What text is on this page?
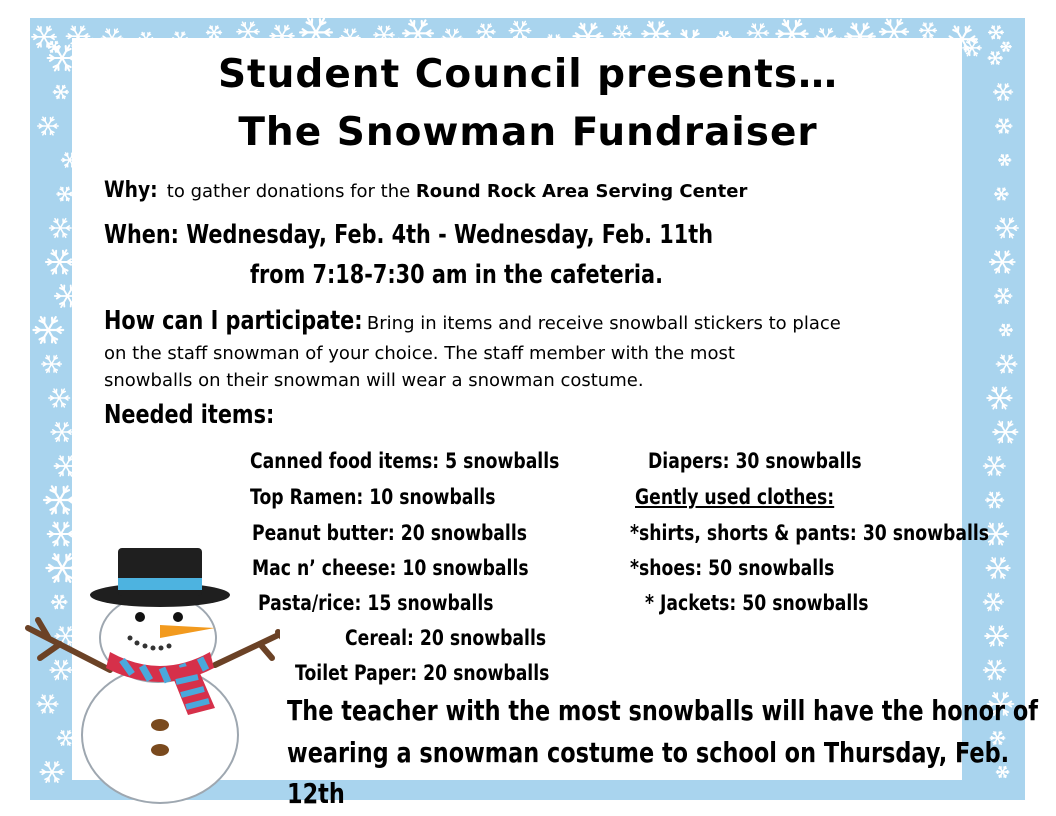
Student Council presents…
The Snowman Fundraiser
Why: to gather donations for the Round Rock Area Serving Center
When: Wednesday, Feb. 4th - Wednesday, Feb. 11th
from 7:18-7:30 am in the cafeteria.
How can I participate: Bring in items and receive snowball stickers to place
on the staff snowman of your choice. The staff member with the most
snowballs on their snowman will wear a snowman costume.
Needed items:
Canned food items: 5 snowballs
Top Ramen: 10 snowballs
Peanut butter: 20 snowballs
Mac n’ cheese: 10 snowballs
Pasta/rice: 15 snowballs
Cereal: 20 snowballs
Toilet Paper: 20 snowballs
Diapers: 30 snowballs
Gently used clothes:
*shirts, shorts & pants: 30 snowballs
*shoes: 50 snowballs
* Jackets: 50 snowballs
The teacher with the most snowballs will have the honor of
wearing a snowman costume to school on Thursday, Feb.
12th
